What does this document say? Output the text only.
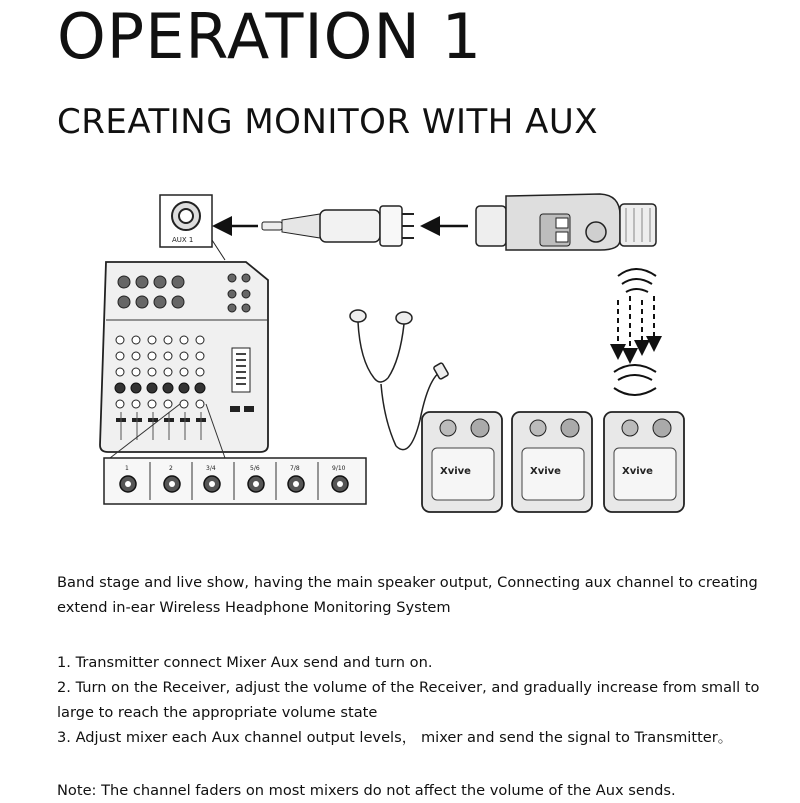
OPERATION 1
CREATING MONITOR WITH AUX
AUX 1
1	2	3/4	5/6	7/8	9/10	Xvive	Xvive	Xvive
Band stage and live show, having the main speaker output, Connecting aux channel to creating
extend in-ear Wireless Headphone Monitoring System
1. Transmitter connect Mixer Aux send and turn on.
2. Turn on the Receiver, adjust the volume of the Receiver, and gradually increase from small to
large to reach the appropriate volume state
3. Adjust mixer each Aux channel output levels， mixer and send the signal to Transmitter。
Note: The channel faders on most mixers do not affect the volume of the Aux sends.
